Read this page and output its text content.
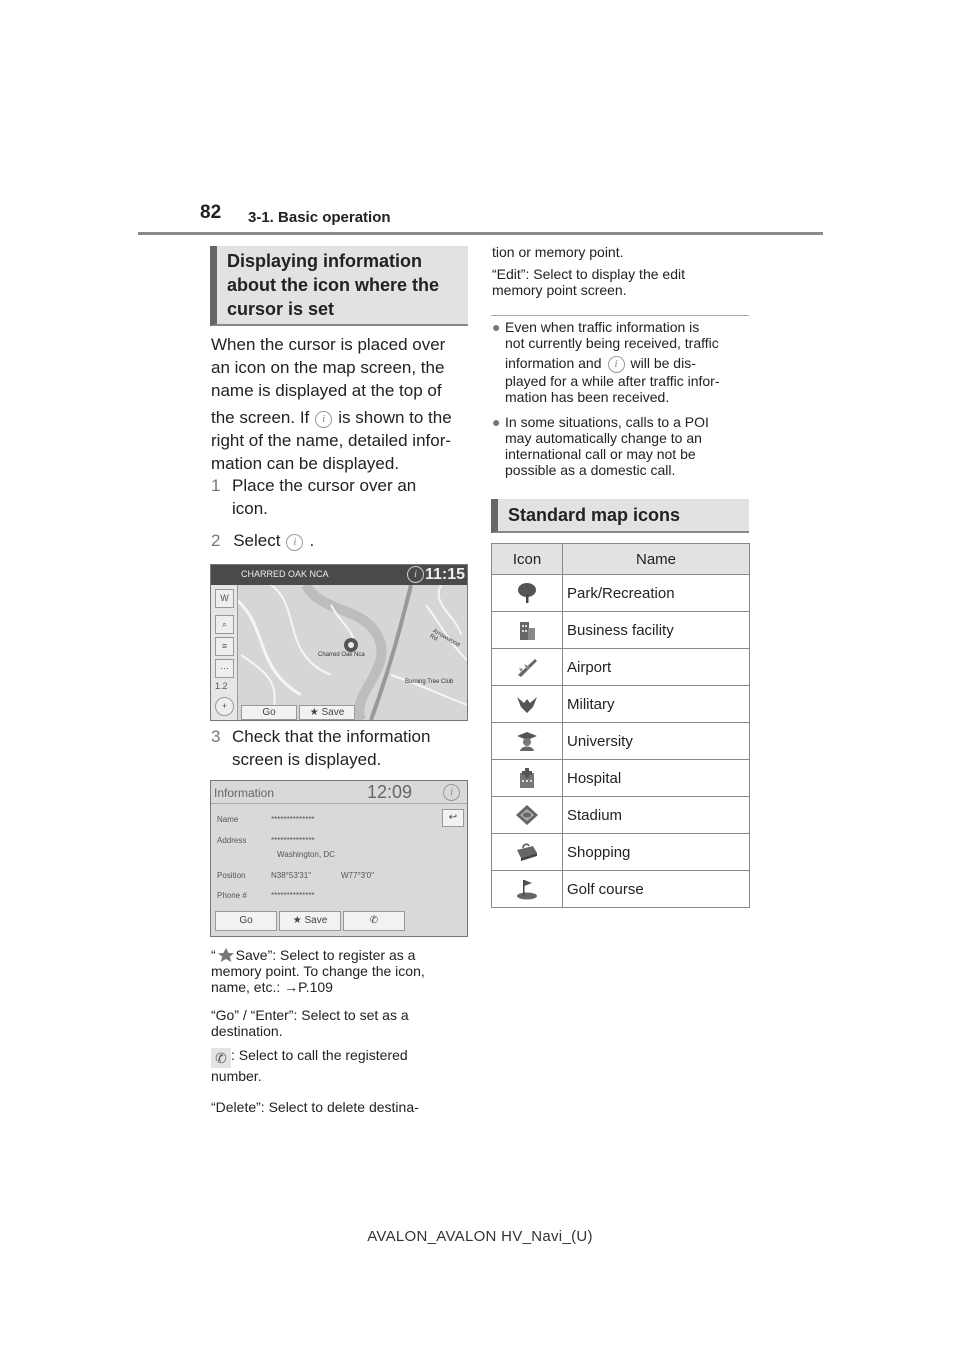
82 3-1. Basic operation
Displaying information
about the icon where the
cursor is set
When the cursor is placed over
an icon on the map screen, the
name is displayed at the top of
the screen. If i is shown to the
right of the name, detailed infor-
mation can be displayed.
1 Place the cursor over an
icon.
2 Select i .
CHARRED OAK NCA	i 11:15
W
⌕
≡
⋯
1.2
+
Charred Oak Nca
Arrowwood Rd
Burning Tree Club
Go	★ Save
3 Check that the information
screen is displayed.
Information	12:09	i
↩
Name	**************
Address	**************
Washington, DC
Position	N38°53'31"	W77°3'0"
Phone #	**************
Go	★ Save	✆
“ Save”: Select to register as a
memory point. To change the icon,
name, etc.: →P.109
“Go” / “Enter”: Select to set as a
destination.
✆ : Select to call the registered
number.
“Delete”: Select to delete destina-
tion or memory point.
“Edit”: Select to display the edit
memory point screen.
● Even when traffic information is
not currently being received, traffic
information and i will be dis-
played for a while after traffic infor-
mation has been received.
● In some situations, calls to a POI
may automatically change to an
international call or may not be
possible as a domestic call.
Standard map icons
Icon	Name

	Park/Recreation

	Business facility

	Airport

	Military

	University

	Hospital

	Stadium

	Shopping

	Golf course
AVALON_AVALON HV_Navi_(U)
